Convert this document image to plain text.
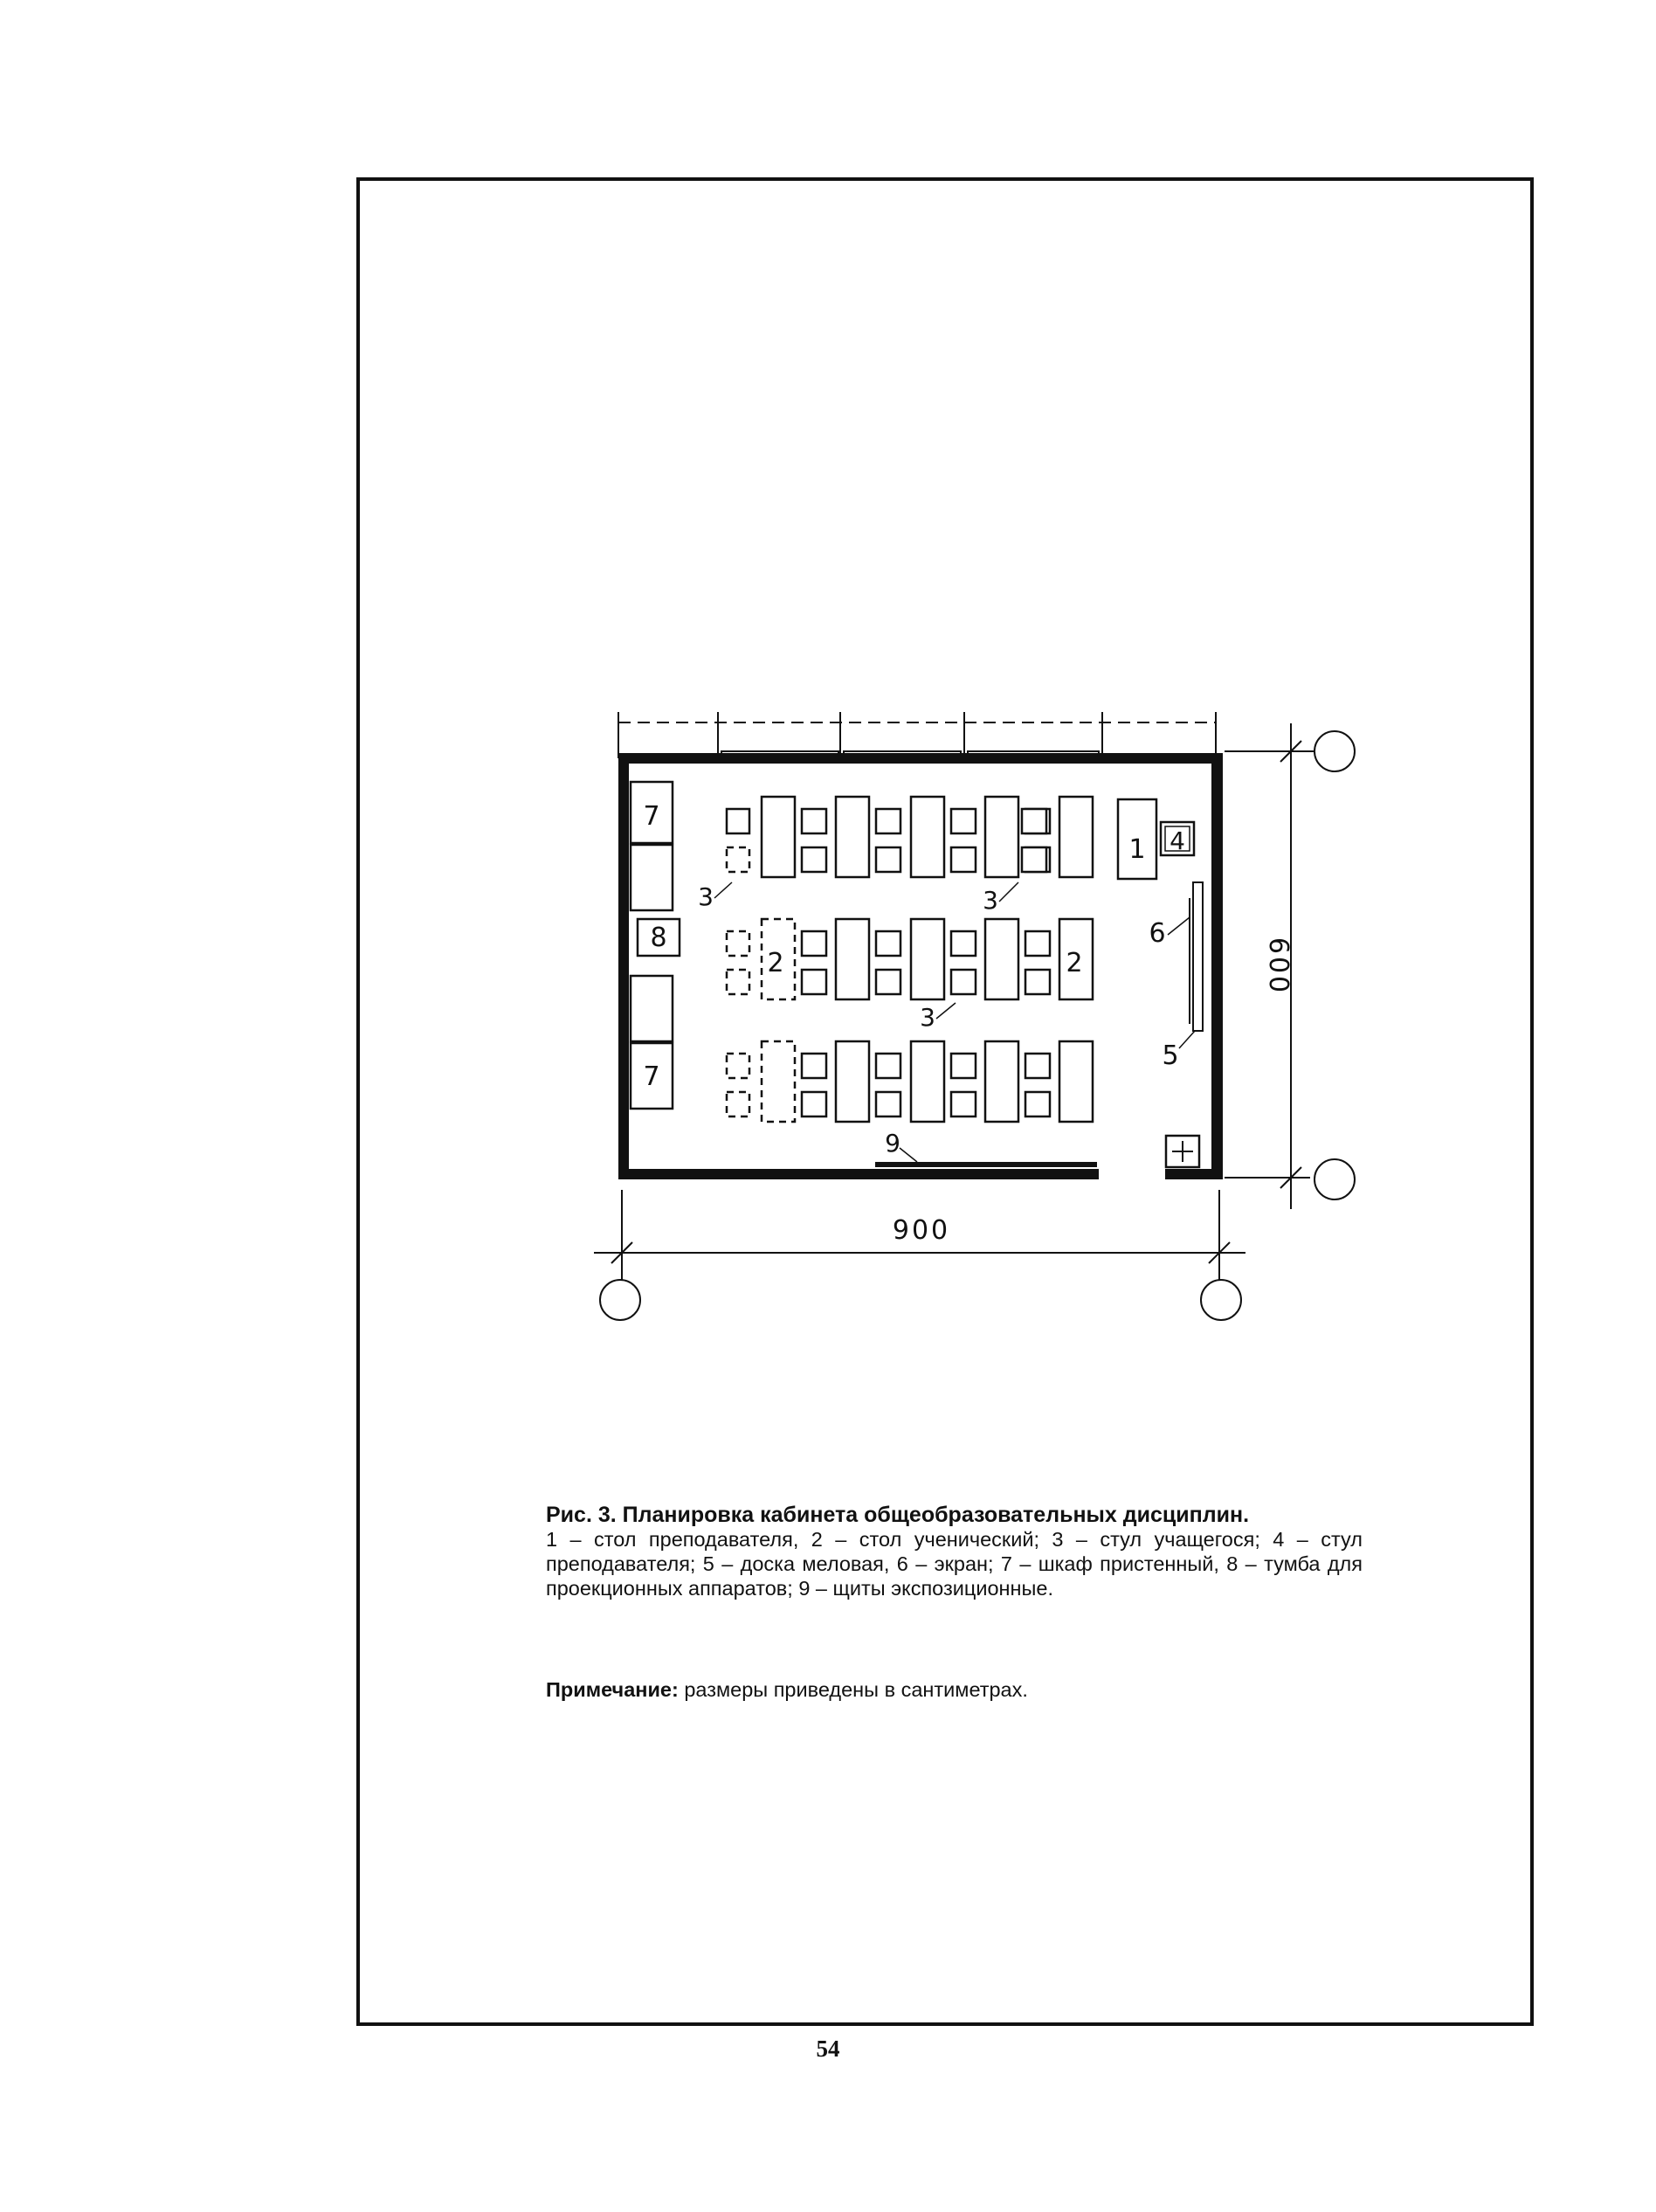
7
7
8
1 4
6
5
2	2
3	3
3
9
900
600
Рис. 3. Планировка кабинета общеобразовательных дисциплин.
1 – стол преподавателя, 2 – стол ученический; 3 – стул учащегося; 4 – стул преподавателя; 5 – доска меловая, 6 – экран; 7 – шкаф пристенный, 8 – тумба для проекционных аппаратов; 9 – щиты экспозиционные.
Примечание: размеры приведены в сантиметрах.
54
